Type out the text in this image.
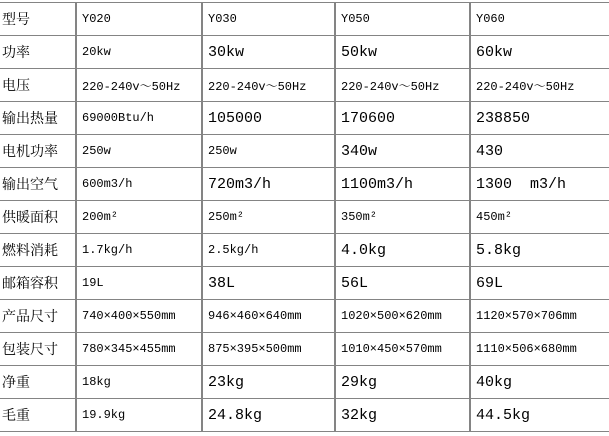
型号	Y020	Y030	Y050	Y060
功率	20kw	30kw	50kw	60kw
电压	220-240v～50Hz	220-240v～50Hz	220-240v～50Hz	220-240v～50Hz
输出热量	69000Btu/h	105000	170600	238850
电机功率	250w	250w	340w	430
输出空气	600m3/h	720m3/h	1100m3/h	1300  m3/h
供暖面积	200m²	250m²	350m²	450m²
燃料消耗	1.7kg/h	2.5kg/h	4.0kg	5.8kg
邮箱容积	19L	38L	56L	69L
产品尺寸	740×400×550mm	946×460×640mm	1020×500×620mm	1120×570×706mm
包装尺寸	780×345×455mm	875×395×500mm	1010×450×570mm	1110×506×680mm
净重	18kg	23kg	29kg	40kg
毛重	19.9kg	24.8kg	32kg	44.5kg
